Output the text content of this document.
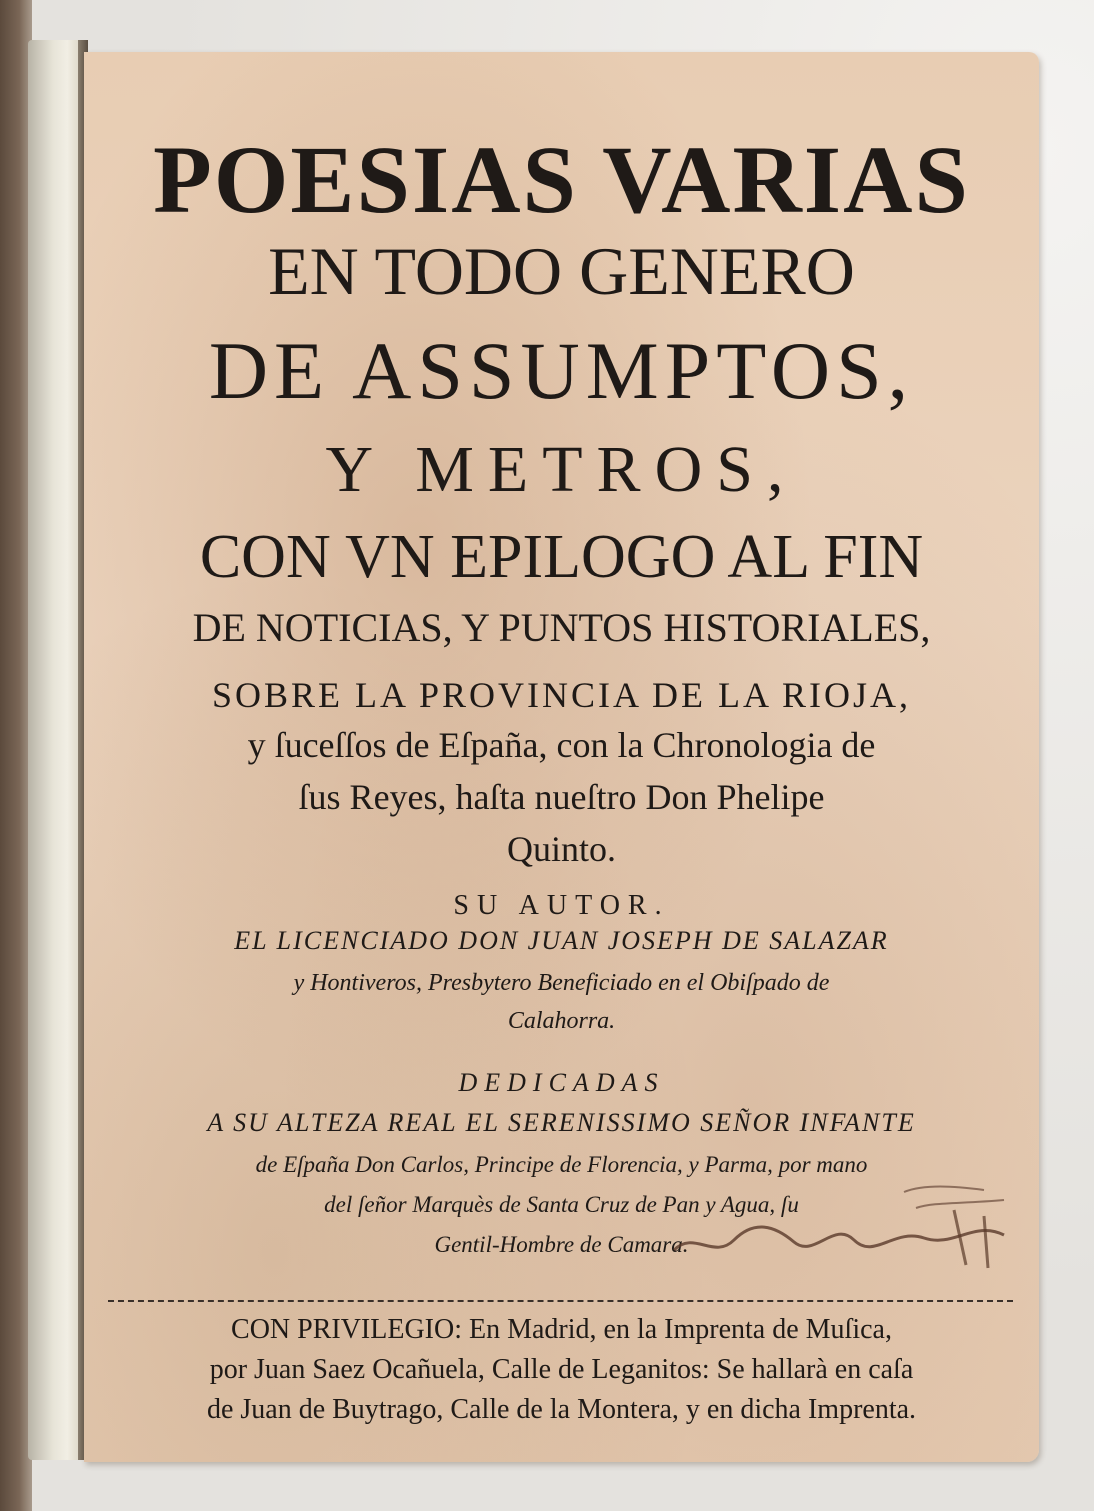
POESIAS VARIAS
EN TODO GENERO
DE ASSUMPTOS,
Y METROS,
CON VN EPILOGO AL FIN
DE NOTICIAS, Y PUNTOS HISTORIALES,
SOBRE LA PROVINCIA DE LA RIOJA,
y ſuceſſos de Eſpaña, con la Chronologia de
ſus Reyes, haſta nueſtro Don Phelipe
Quinto.
SU AUTOR.
EL LICENCIADO DON JUAN JOSEPH DE SALAZAR
y Hontiveros, Presbytero Beneficiado en el Obiſpado de
Calahorra.
DEDICADAS
A SU ALTEZA REAL EL SERENISSIMO SEÑOR INFANTE
de Eſpaña Don Carlos, Principe de Florencia, y Parma, por mano
del ſeñor Marquès de Santa Cruz de Pan y Agua, ſu
Gentil-Hombre de Camara.
CON PRIVILEGIO: En Madrid, en la Imprenta de Muſica,
por Juan Saez Ocañuela, Calle de Leganitos: Se hallarà en caſa
de Juan de Buytrago, Calle de la Montera, y en dicha Imprenta.
